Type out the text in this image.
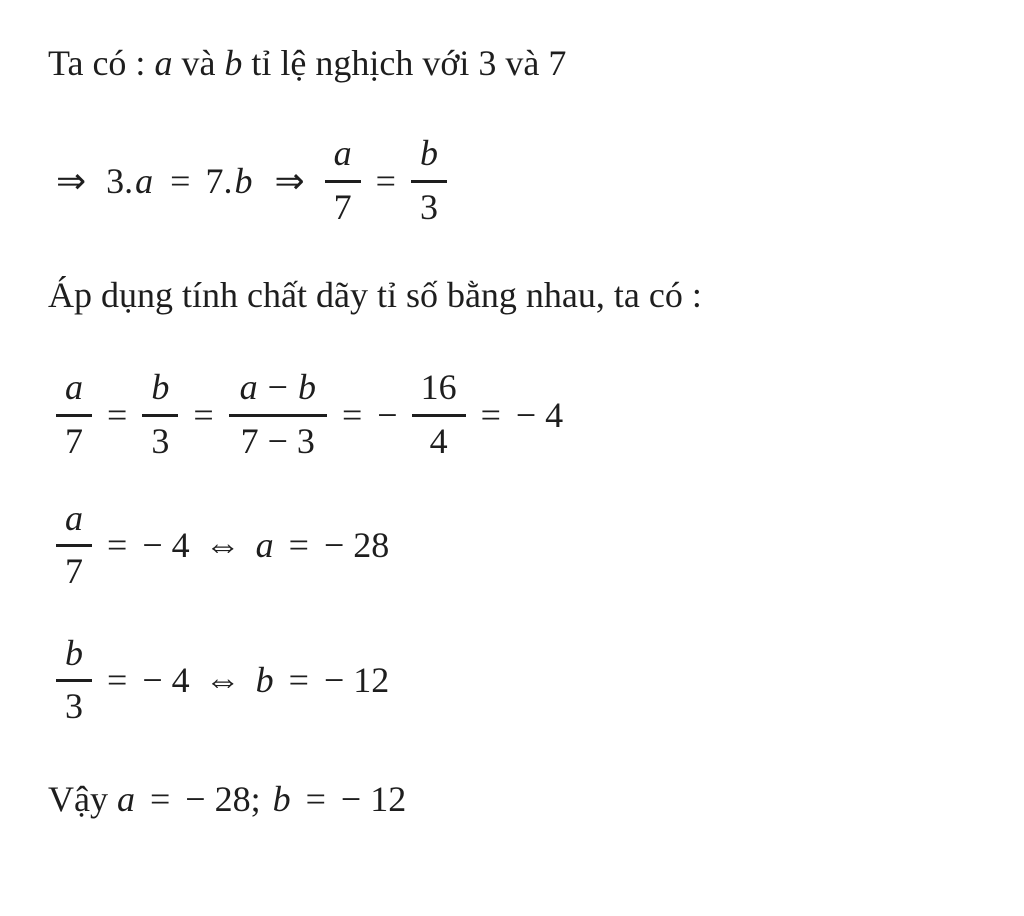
Ta có : a và b tỉ lệ nghịch với 3 và 7

⇒ 3. a = 7. b ⇒ $\frac{a}{7} = \frac{b}{3}$

Áp dụng tính chất dãy tỉ số bằng nhau, ta có :

$\frac{a}{7} = \frac{b}{3} = \frac{a - b}{7 - 3}$ = − $\frac{16}{4}$ = − 4
$\frac{a}{7}$ = − 4 ⇔ a = − 28
$\frac{b}{3}$ = − 4 ⇔ b = − 12
Vậy a = − 28; b = − 12
